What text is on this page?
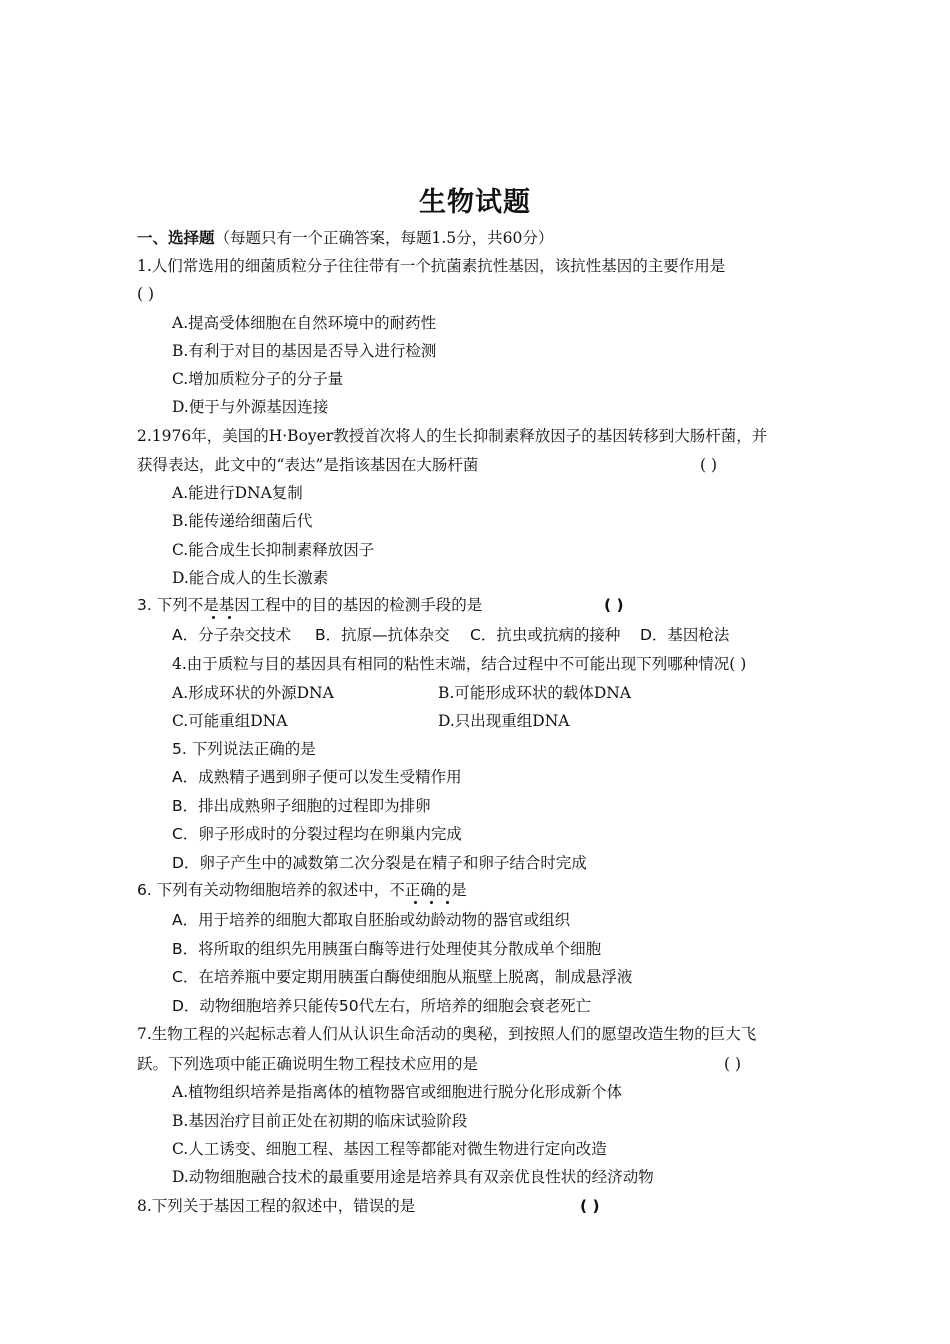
生物试题
一、选择题（每题只有一个正确答案，每题1.5分，共60分）
1.人们常选用的细菌质粒分子往往带有一个抗菌素抗性基因，该抗性基因的主要作用是
( )
A.提高受体细胞在自然环境中的耐药性
B.有利于对目的基因是否导入进行检测
C.增加质粒分子的分子量
D.便于与外源基因连接
2.1976年，美国的H·Boyer教授首次将人的生长抑制素释放因子的基因转移到大肠杆菌，并
获得表达，此文中的“表达”是指该基因在大肠杆菌	( )
A.能进行DNA复制
B.能传递给细菌后代
C.能合成生长抑制素释放因子
D.能合成人的生长激素
3. 下列不是基因工程中的目的基因的检测手段的是	( )
A．分子杂交技术 B．抗原—抗体杂交 C．抗虫或抗病的接种 D．基因枪法
4.由于质粒与目的基因具有相同的粘性末端，结合过程中不可能出现下列哪种情况( )
A.形成环状的外源DNA	B.可能形成环状的载体DNA
C.可能重组DNA	D.只出现重组DNA
5. 下列说法正确的是
A．成熟精子遇到卵子便可以发生受精作用
B．排出成熟卵子细胞的过程即为排卵
C．卵子形成时的分裂过程均在卵巢内完成
D．卵子产生中的减数第二次分裂是在精子和卵子结合时完成
6. 下列有关动物细胞培养的叙述中，不正确的是
A．用于培养的细胞大都取自胚胎或幼龄动物的器官或组织
B．将所取的组织先用胰蛋白酶等进行处理使其分散成单个细胞
C．在培养瓶中要定期用胰蛋白酶使细胞从瓶壁上脱离，制成悬浮液
D．动物细胞培养只能传50代左右，所培养的细胞会衰老死亡
7.生物工程的兴起标志着人们从认识生命活动的奥秘，到按照人们的愿望改造生物的巨大飞
跃。下列选项中能正确说明生物工程技术应用的是	( )
A.植物组织培养是指离体的植物器官或细胞进行脱分化形成新个体
B.基因治疗目前正处在初期的临床试验阶段
C.人工诱变、细胞工程、基因工程等都能对微生物进行定向改造
D.动物细胞融合技术的最重要用途是培养具有双亲优良性状的经济动物
8.下列关于基因工程的叙述中，错误的是	( )
